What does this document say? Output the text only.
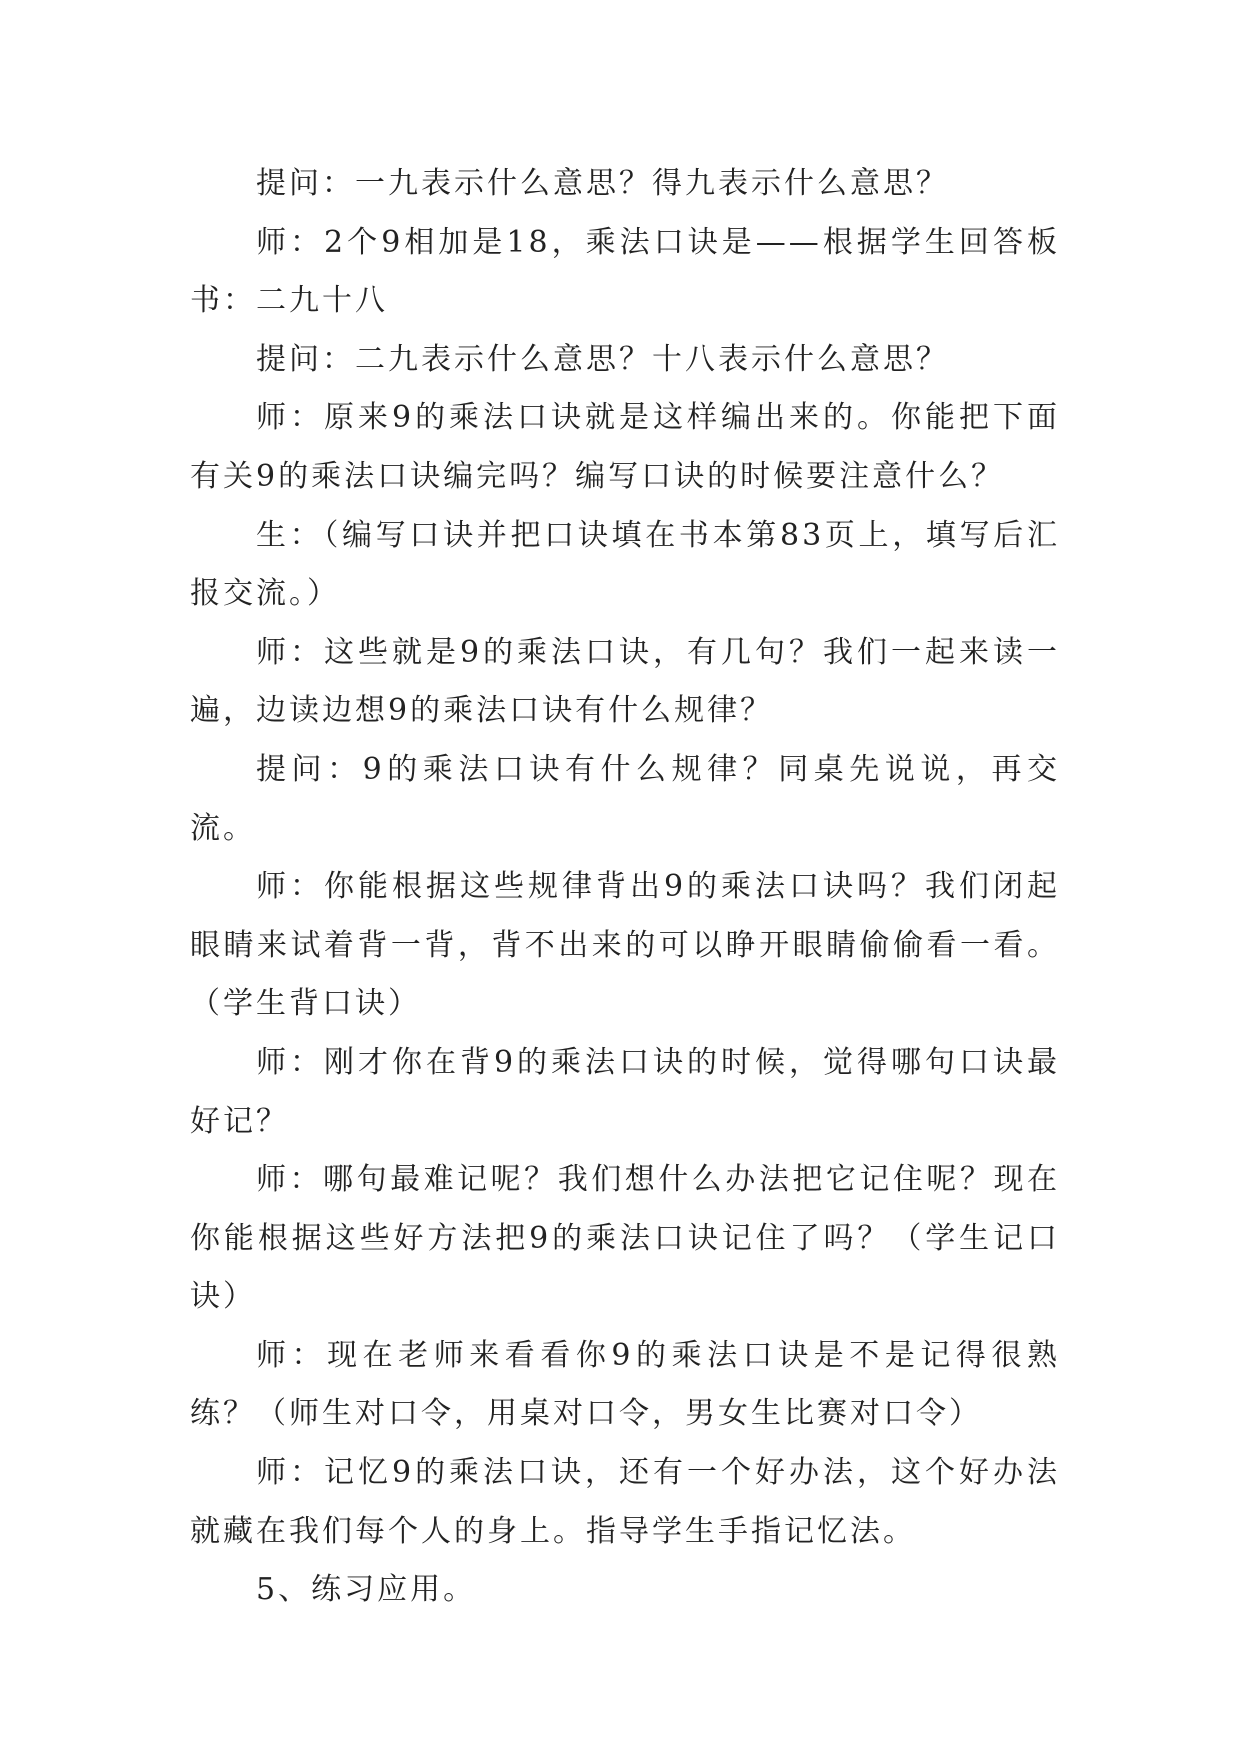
提问：一九表示什么意思？得九表示什么意思？

师：2个9相加是18，乘法口诀是——根据学生回答板书：二九十八

提问：二九表示什么意思？十八表示什么意思？

师：原来9的乘法口诀就是这样编出来的。你能把下面有关9的乘法口诀编完吗？编写口诀的时候要注意什么？

生：（编写口诀并把口诀填在书本第83页上，填写后汇报交流。）

师：这些就是9的乘法口诀，有几句？我们一起来读一遍，边读边想9的乘法口诀有什么规律？

提问：9的乘法口诀有什么规律？同桌先说说，再交流。

师：你能根据这些规律背出9的乘法口诀吗？我们闭起眼睛来试着背一背，背不出来的可以睁开眼睛偷偷看一看。（学生背口诀）

师：刚才你在背9的乘法口诀的时候，觉得哪句口诀最好记？

师：哪句最难记呢？我们想什么办法把它记住呢？现在你能根据这些好方法把9的乘法口诀记住了吗？（学生记口诀）

师：现在老师来看看你9的乘法口诀是不是记得很熟练？（师生对口令，用桌对口令，男女生比赛对口令）

师：记忆9的乘法口诀，还有一个好办法，这个好办法就藏在我们每个人的身上。指导学生手指记忆法。

5、练习应用。
